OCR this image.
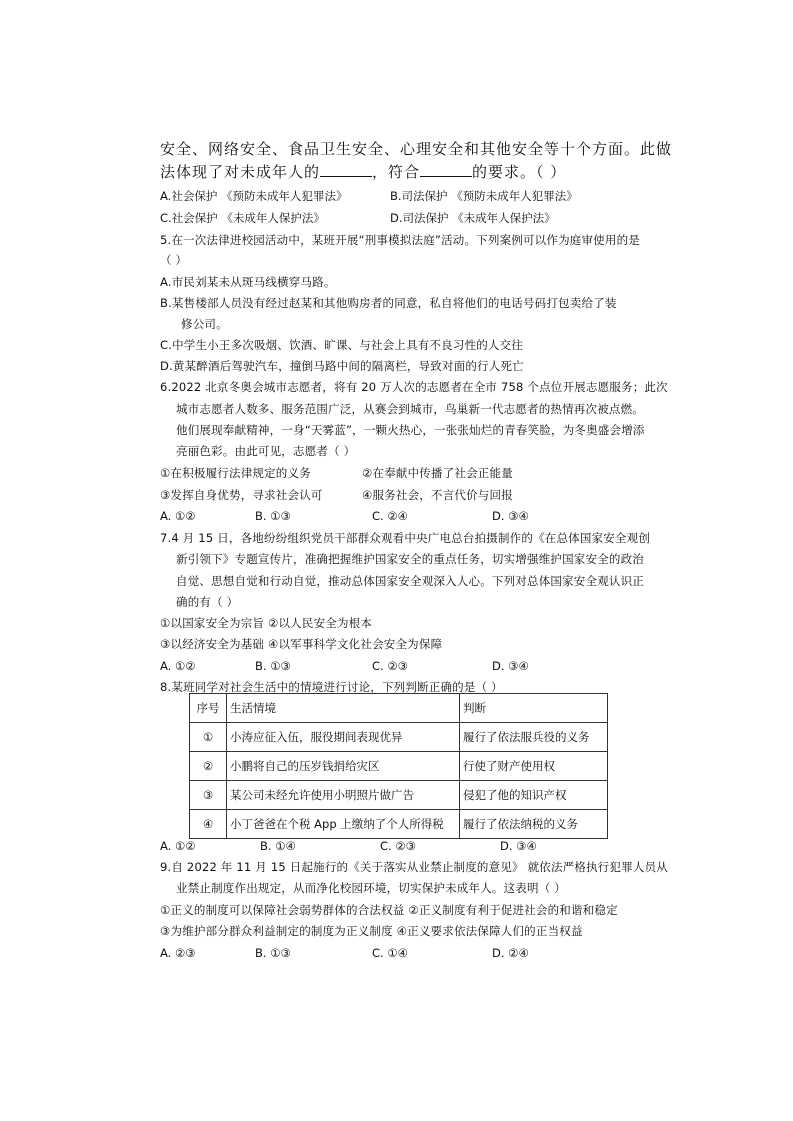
安全、网络安全、食品卫生安全、心理安全和其他安全等十个方面。此做
法体现了对未成年人的	，符合	的要求。（ ）
A.社会保护 《预防未成年人犯罪法》	B.司法保护 《预防未成年人犯罪法》
C.社会保护 《未成年人保护法》	D.司法保护 《未成年人保护法》
5.在一次法律进校园活动中，某班开展“刑事模拟法庭”活动。下列案例可以作为庭审使用的是
（ ）
A.市民刘某未从斑马线横穿马路。
B.某售楼部人员没有经过赵某和其他购房者的同意，私自将他们的电话号码打包卖给了装
修公司。
C.中学生小王多次吸烟、饮酒、旷课、与社会上具有不良习性的人交往
D.黄某醉酒后驾驶汽车，撞倒马路中间的隔离栏，导致对面的行人死亡
6.2022 北京冬奥会城市志愿者，将有 20 万人次的志愿者在全市 758 个点位开展志愿服务；此次
城市志愿者人数多、服务范围广泛，从赛会到城市，鸟巢新一代志愿者的热情再次被点燃。
他们展现奉献精神，一身“天雾蓝”，一颗火热心，一张张灿烂的青春笑脸，为冬奥盛会增添
亮丽色彩。由此可见，志愿者（ ）
①在积极履行法律规定的义务	②在奉献中传播了社会正能量
③发挥自身优势，寻求社会认可	④服务社会，不言代价与回报
A. ①②	B. ①③	C. ②④	D. ③④
7.4 月 15 日，各地纷纷组织党员干部群众观看中央广电总台拍摄制作的《在总体国家安全观创
新引领下》专题宣传片，准确把握维护国家安全的重点任务，切实增强维护国家安全的政治
自觉、思想自觉和行动自觉，推动总体国家安全观深入人心。下列对总体国家安全观认识正
确的有（ ）
①以国家安全为宗旨 ②以人民安全为根本
③以经济安全为基础 ④以军事科学文化社会安全为保障
A. ①②	B. ①③	C. ②③	D. ③④
8.某班同学对社会生活中的情境进行讨论，下列判断正确的是（ ）
序号	生活情境	判断
①	小涛应征入伍，服役期间表现优异	履行了依法服兵役的义务
②	小鹏将自己的压岁钱捐给灾区	行使了财产使用权
③	某公司未经允许使用小明照片做广告	侵犯了他的知识产权
④	小丁爸爸在个税 App 上缴纳了个人所得税	履行了依法纳税的义务
A. ①②	B. ①④	C. ②③	D. ③④
9.自 2022 年 11 月 15 日起施行的《关于落实从业禁止制度的意见》 就依法严格执行犯罪人员从
业禁止制度作出规定，从而净化校园环境，切实保护未成年人。这表明（ ）
①正义的制度可以保障社会弱势群体的合法权益 ②正义制度有利于促进社会的和谐和稳定
③为维护部分群众利益制定的制度为正义制度 ④正义要求依法保障人们的正当权益
A. ②③	B. ①③	C. ①④	D. ②④
